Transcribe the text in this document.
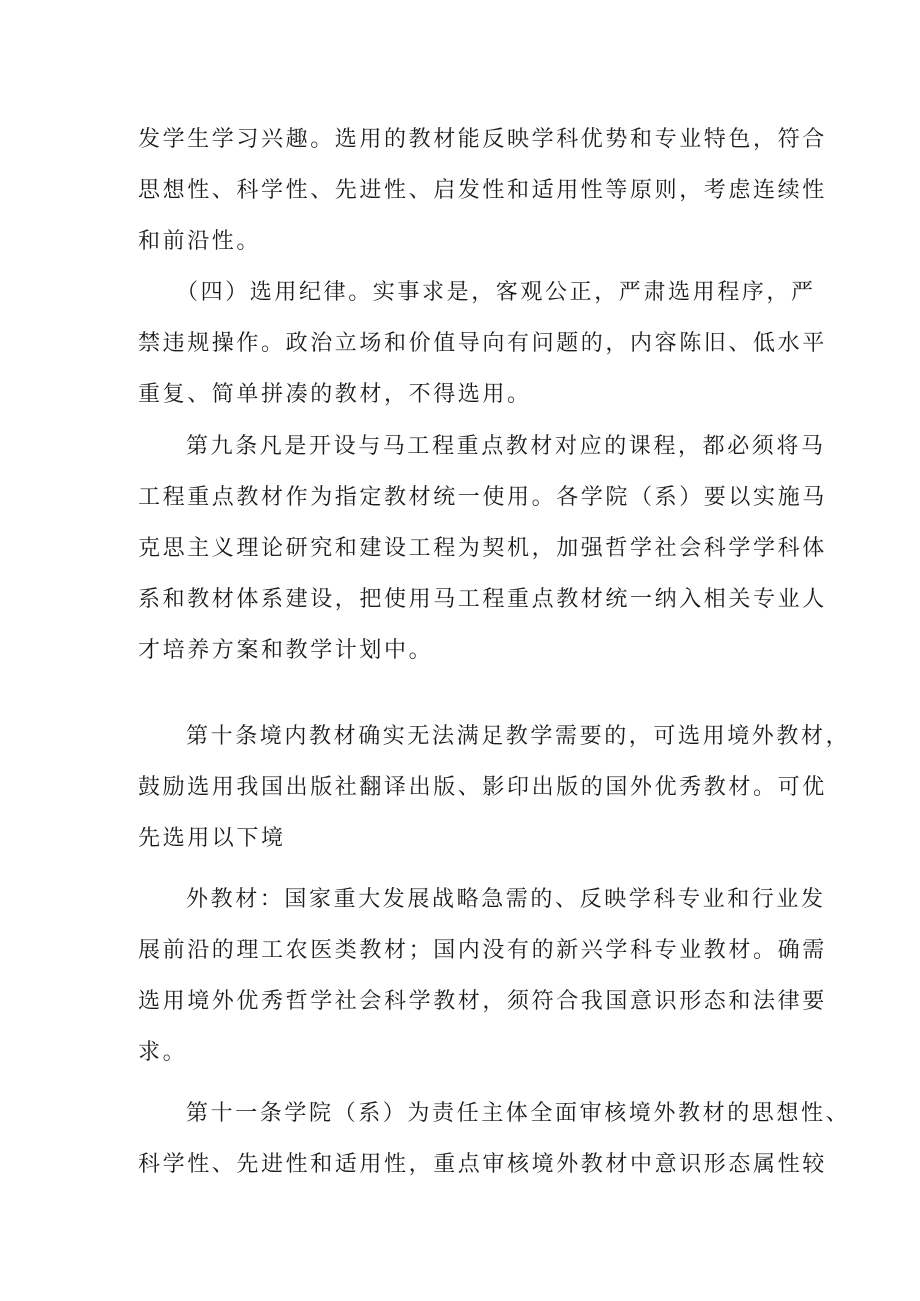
发学生学习兴趣。选用的教材能反映学科优势和专业特色，符合
思想性、科学性、先进性、启发性和适用性等原则，考虑连续性
和前沿性。
（四）选用纪律。实事求是，客观公正，严肃选用程序，严
禁违规操作。政治立场和价值导向有问题的，内容陈旧、低水平
重复、简单拼凑的教材，不得选用。
第九条凡是开设与马工程重点教材对应的课程，都必须将马
工程重点教材作为指定教材统一使用。各学院（系）要以实施马
克思主义理论研究和建设工程为契机，加强哲学社会科学学科体
系和教材体系建设，把使用马工程重点教材统一纳入相关专业人
才培养方案和教学计划中。
第十条境内教材确实无法满足教学需要的，可选用境外教材，
鼓励选用我国出版社翻译出版、影印出版的国外优秀教材。可优
先选用以下境
外教材：国家重大发展战略急需的、反映学科专业和行业发
展前沿的理工农医类教材；国内没有的新兴学科专业教材。确需
选用境外优秀哲学社会科学教材，须符合我国意识形态和法律要
求。
第十一条学院（系）为责任主体全面审核境外教材的思想性、
科学性、先进性和适用性，重点审核境外教材中意识形态属性较
